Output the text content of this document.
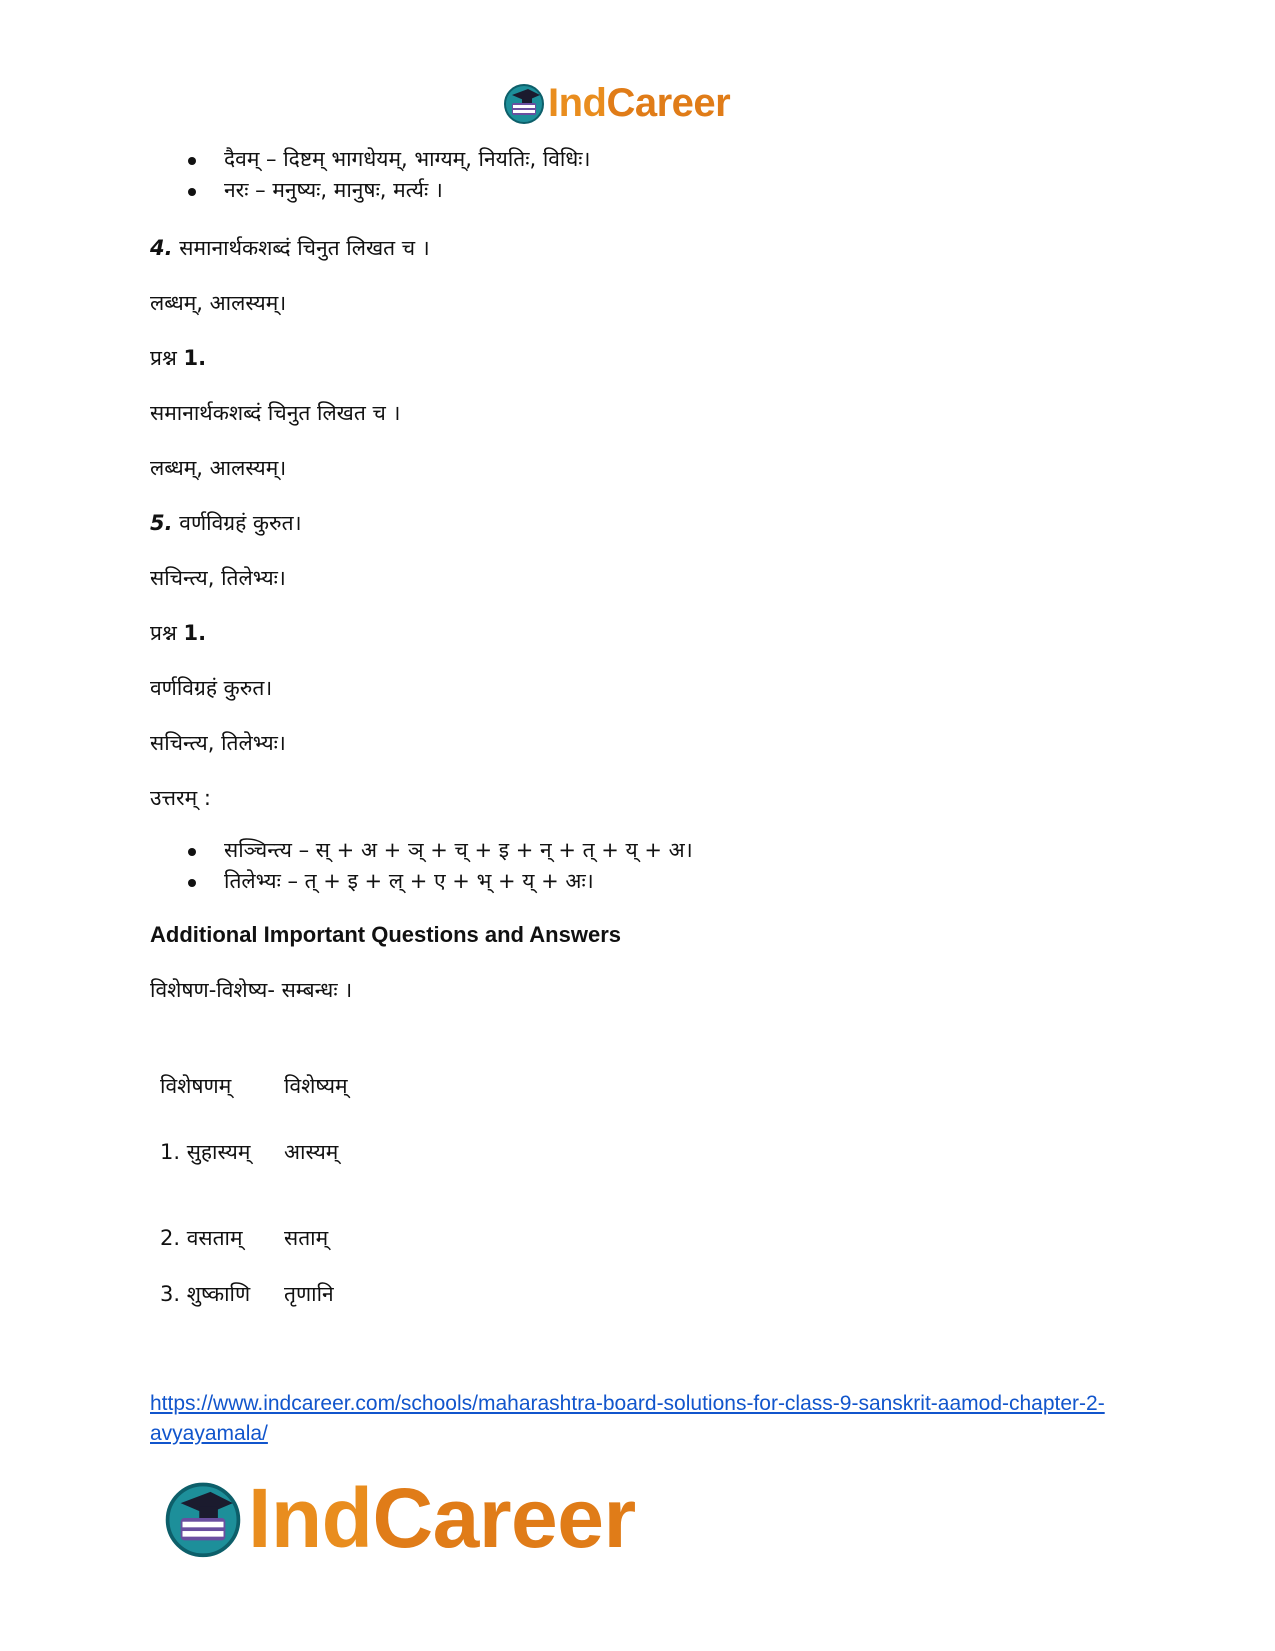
IndCareer
दैवम् – दिष्टम् भागधेयम्, भाग्यम्, नियतिः, विधिः।
नरः – मनुष्यः, मानुषः, मर्त्यः ।

4. समानार्थकशब्दं चिनुत लिखत च ।

लब्धम्, आलस्यम्।

प्रश्न 1.

समानार्थकशब्दं चिनुत लिखत च ।

लब्धम्, आलस्यम्।

5. वर्णविग्रहं कुरुत।

सचिन्त्य, तिलेभ्यः।

प्रश्न 1.

वर्णविग्रहं कुरुत।

सचिन्त्य, तिलेभ्यः।

उत्तरम् :

सञ्चिन्त्य – स् + अ + ञ् + च् + इ + न् + त् + य् + अ।
तिलेभ्यः – त् + इ + ल् + ए + भ् + य् + अः।

Additional Important Questions and Answers

विशेषण-विशेष्य- सम्बन्धः ।

विशेषणम्	विशेष्यम्
1. सुहास्यम्	आस्यम्
2. वसताम्	सताम्
3. शुष्काणि	तृणानि
https://www.indcareer.com/schools/maharashtra-board-solutions-for-class-9-sanskrit-aamod-chapter-2-avyayamala/
IndCareer
